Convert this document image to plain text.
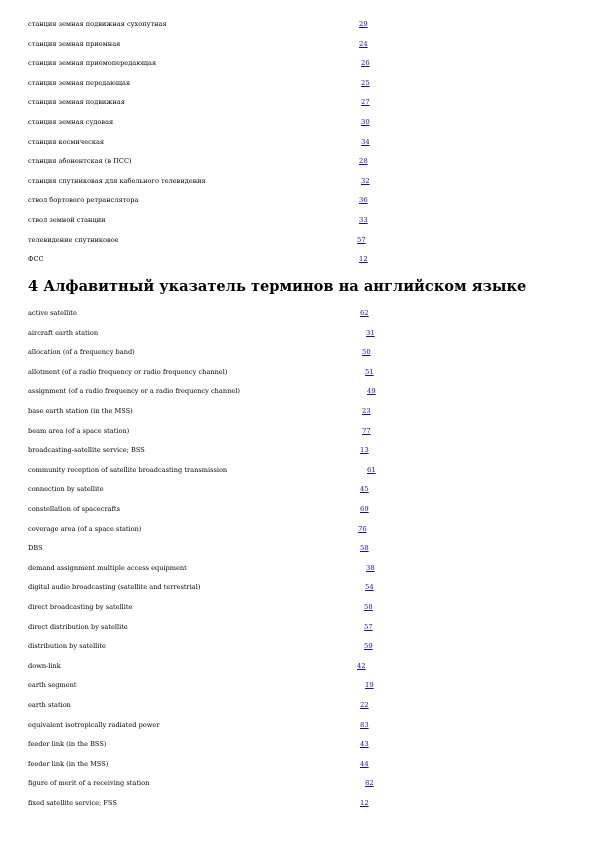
станция земная подвижная сухопутная	29
станция земная приемная	24
станция земная приемопередающая	26
станция земная передающая	25
станция земная подвижная	27
станция земная судовая	30
станция космическая	34
станция абонентская (в ПСС)	28
станция спутниковая для кабельного телевидения	32
ствол бортового ретранслятора	36
ствол земной станции	33
телевидение спутниковое	57
ФСС	12
4 Алфавитный указатель терминов на английском языке
active satellite	62
aircraft earth station	31
allocation (of a frequency band)	50
allotment (of a radio frequency or radio frequency channel)	51
assignment (of a radio frequency or a radio frequency channel)	49
base earth station (in the MSS)	23
beam area (of a space station)	77
broadcasting-satellite service; BSS	13
community reception of satellite broadcasting transmission	61
connection by satellite	45
constellation of spacecrafts	69
coverage area (of a space station)	76
DBS	58
demand assignment multiple access equipment	38
digital audio broadcasting (satellite and terrestrial)	54
direct broadcasting by satellite	58
direct distribution by satellite	57
distribution by satellite	59
down-link	42
earth segment	19
earth station	22
equivalent isotropically radiated power	83
feeder link (in the BSS)	43
feeder link (in the MSS)	44
figure of merit of a receiving station	82
fixed satellite service; FSS	12
